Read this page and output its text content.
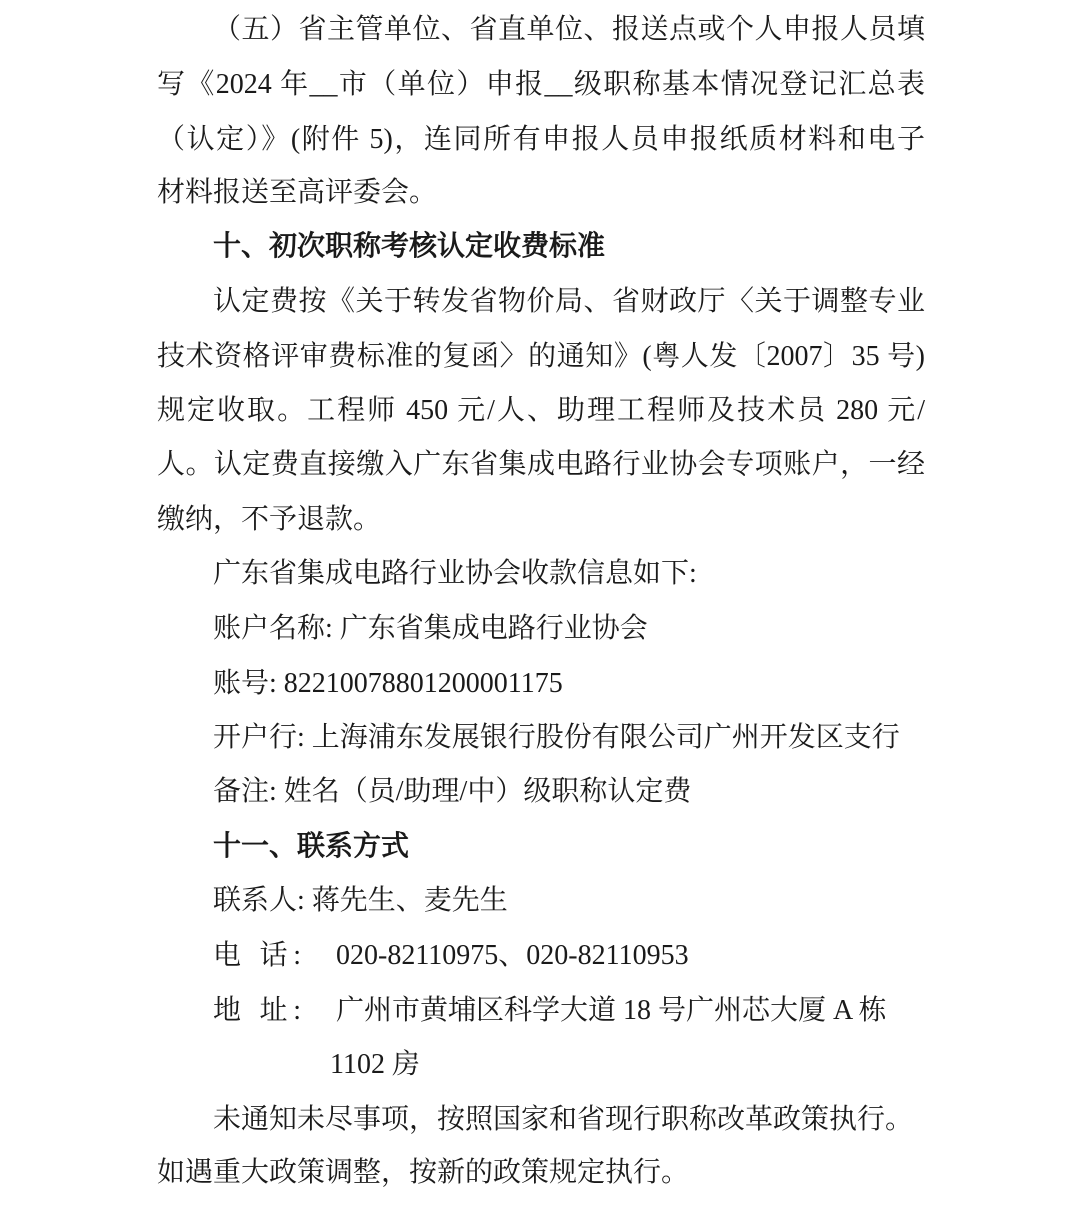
（五）省主管单位、省直单位、报送点或个人申报人员填
写《2024 年__市（单位）申报__级职称基本情况登记汇总表
（认定）》(附件 5)，连同所有申报人员申报纸质材料和电子
材料报送至高评委会。
十、初次职称考核认定收费标准
认定费按《关于转发省物价局、省财政厅〈关于调整专业
技术资格评审费标准的复函〉的通知》(粤人发〔2007〕35 号)
规定收取。工程师 450 元/人、助理工程师及技术员 280 元/
人。认定费直接缴入广东省集成电路行业协会专项账户，一经
缴纳，不予退款。
广东省集成电路行业协会收款信息如下:
账户名称: 广东省集成电路行业协会
账号: 82210078801200001175
开户行: 上海浦东发展银行股份有限公司广州开发区支行
备注: 姓名（员/助理/中）级职称认定费
十一、联系方式
联系人: 蒋先生、麦先生
电 话: 020-82110975、020-82110953
地 址: 广州市黄埔区科学大道 18 号广州芯大厦 A 栋
1102 房
未通知未尽事项，按照国家和省现行职称改革政策执行。
如遇重大政策调整，按新的政策规定执行。
